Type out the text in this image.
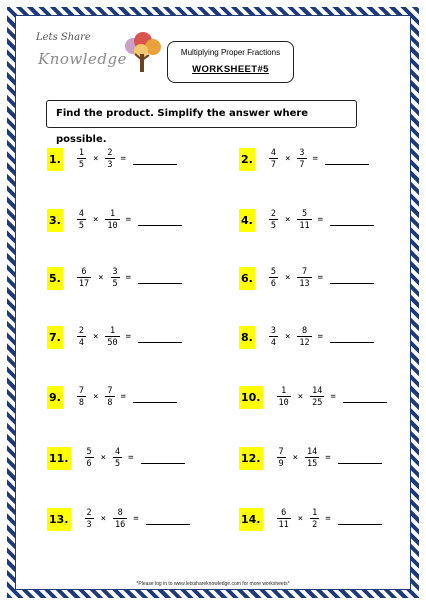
Lets Share
Knowledge	Multiplying Proper Fractions
WORKSHEET#5
Find the product. Simplify the answer where possible.
1. $\frac{1}{5} \times \frac{2}{3}$ =	2. $\frac{4}{7} \times \frac{3}{7}$ =
3. $\frac{4}{5} \times \frac{1}{10}$ =	4. $\frac{2}{5} \times \frac{5}{11}$ =
5. $\frac{6}{17} \times \frac{3}{5}$ =	6. $\frac{5}{6} \times \frac{7}{13}$ =
7. $\frac{2}{4} \times \frac{1}{50}$ =	8. $\frac{3}{4} \times \frac{8}{12}$ =
9. $\frac{7}{8} \times \frac{7}{8}$ =	10. $\frac{1}{10} \times \frac{14}{25}$ =
11. $\frac{5}{6} \times \frac{4}{5}$ =	12. $\frac{7}{9} \times \frac{14}{15}$ =
13. $\frac{2}{3} \times \frac{8}{16}$ =	14. $\frac{6}{11} \times \frac{1}{2}$ =
*Please log in to www.letsshareknowledge.com for more worksheets*
